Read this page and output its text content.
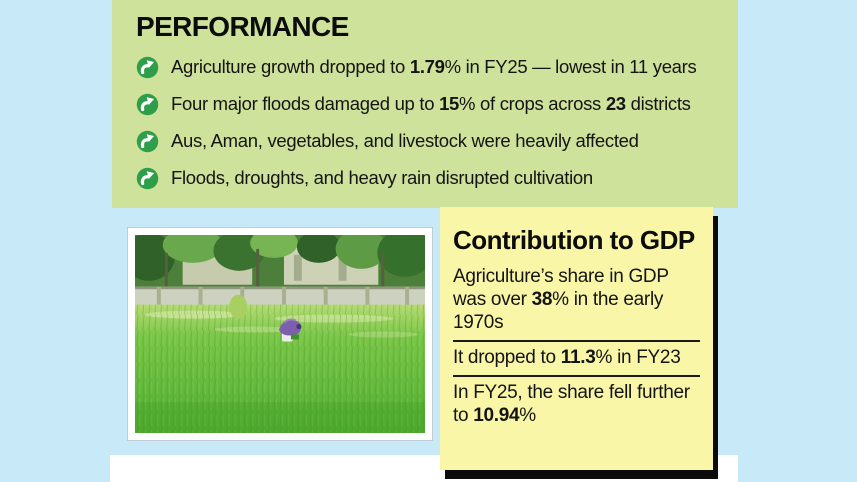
PERFORMANCE
Agriculture growth dropped to 1.79% in FY25 — lowest in 11 years
Four major floods damaged up to 15% of crops across 23 districts
Aus, Aman, vegetables, and livestock were heavily affected
Floods, droughts, and heavy rain disrupted cultivation
Contribution to GDP
Agriculture’s share in GDP was over 38% in the early 1970s
It dropped to 11.3% in FY23
In FY25, the share fell further to 10.94%
